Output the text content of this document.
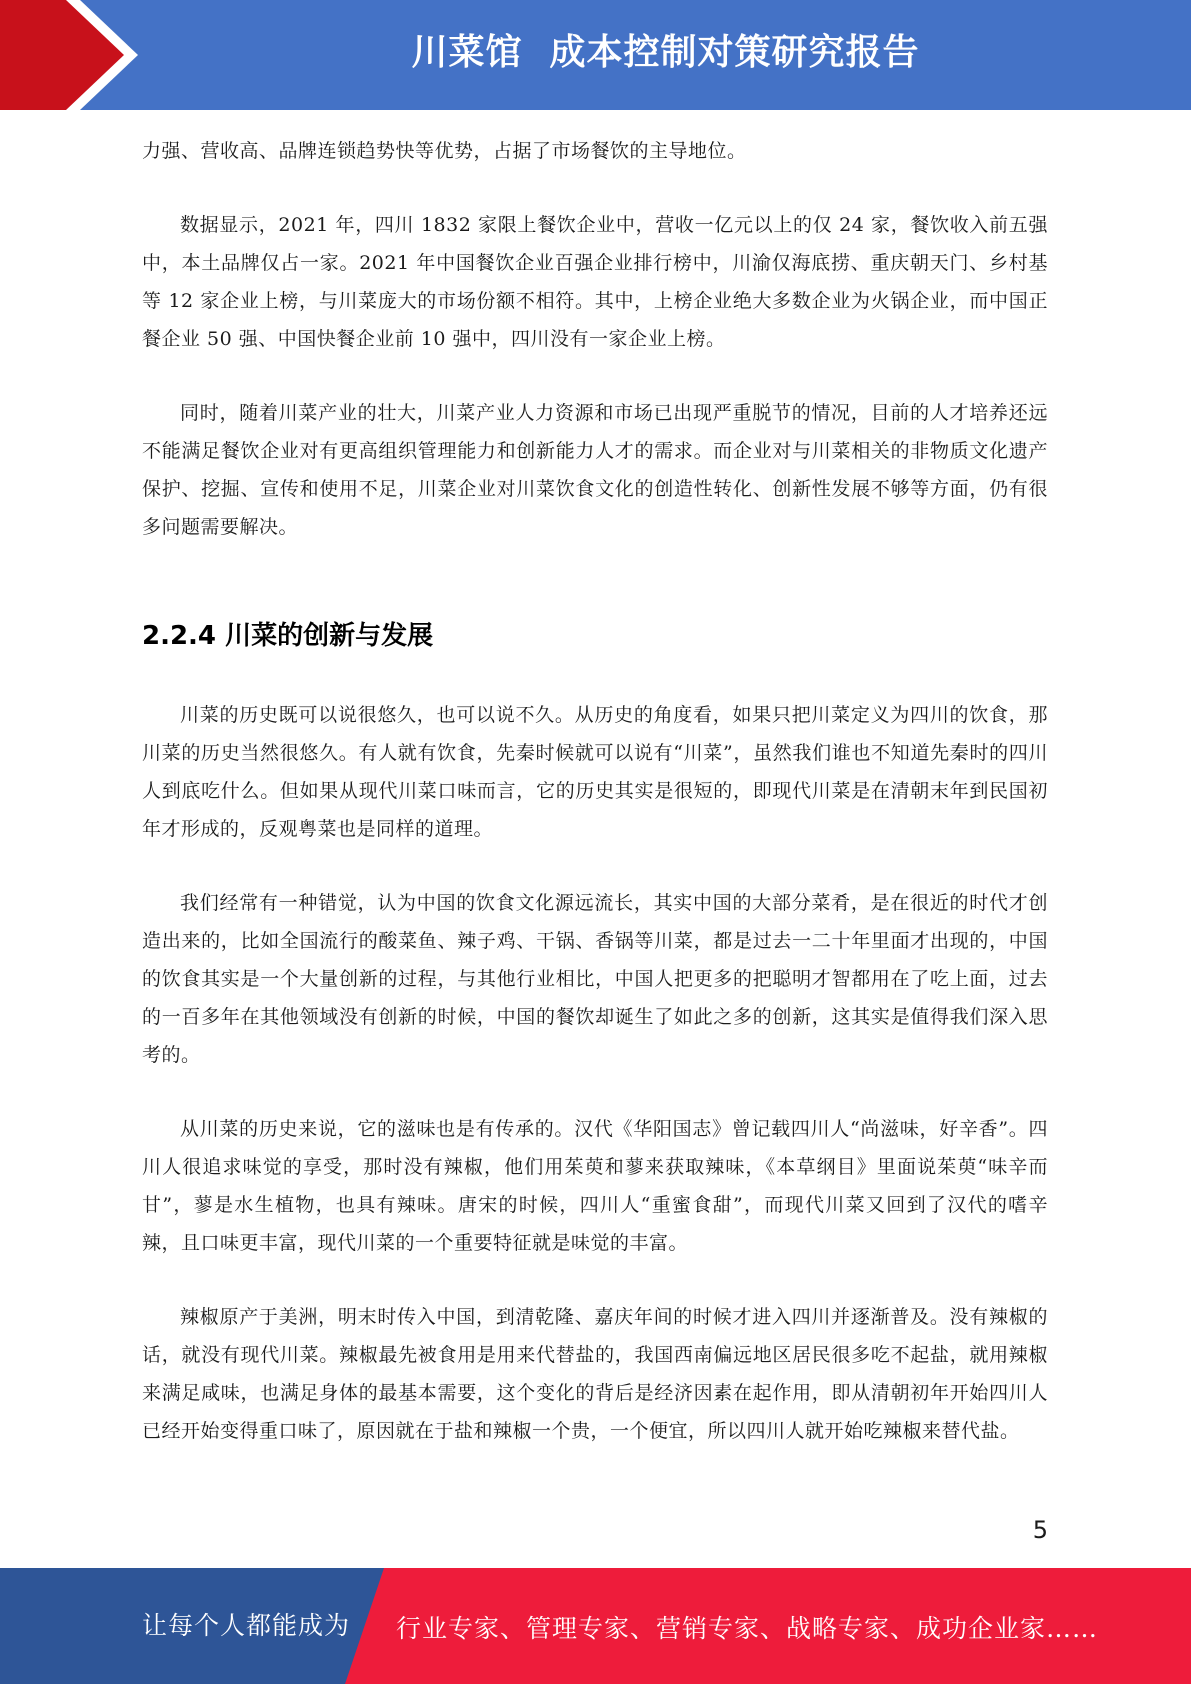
川菜馆  成本控制对策研究报告

力强、营收高、品牌连锁趋势快等优势，占据了市场餐饮的主导地位。

数据显示，2021 年，四川 1832 家限上餐饮企业中，营收一亿元以上的仅 24 家，餐饮收入前五强中，本土品牌仅占一家。2021 年中国餐饮企业百强企业排行榜中，川渝仅海底捞、重庆朝天门、乡村基等 12 家企业上榜，与川菜庞大的市场份额不相符。其中，上榜企业绝大多数企业为火锅企业，而中国正餐企业 50 强、中国快餐企业前 10 强中，四川没有一家企业上榜。

同时，随着川菜产业的壮大，川菜产业人力资源和市场已出现严重脱节的情况，目前的人才培养还远不能满足餐饮企业对有更高组织管理能力和创新能力人才的需求。而企业对与川菜相关的非物质文化遗产保护、挖掘、宣传和使用不足，川菜企业对川菜饮食文化的创造性转化、创新性发展不够等方面，仍有很多问题需要解决。

2.2.4 川菜的创新与发展

川菜的历史既可以说很悠久，也可以说不久。从历史的角度看，如果只把川菜定义为四川的饮食，那川菜的历史当然很悠久。有人就有饮食，先秦时候就可以说有“川菜”，虽然我们谁也不知道先秦时的四川人到底吃什么。但如果从现代川菜口味而言，它的历史其实是很短的，即现代川菜是在清朝末年到民国初年才形成的，反观粤菜也是同样的道理。

我们经常有一种错觉，认为中国的饮食文化源远流长，其实中国的大部分菜肴，是在很近的时代才创造出来的，比如全国流行的酸菜鱼、辣子鸡、干锅、香锅等川菜，都是过去一二十年里面才出现的，中国的饮食其实是一个大量创新的过程，与其他行业相比，中国人把更多的把聪明才智都用在了吃上面，过去的一百多年在其他领域没有创新的时候，中国的餐饮却诞生了如此之多的创新，这其实是值得我们深入思考的。

从川菜的历史来说，它的滋味也是有传承的。汉代《华阳国志》曾记载四川人“尚滋味，好辛香”。四川人很追求味觉的享受，那时没有辣椒，他们用茱萸和蓼来获取辣味，《本草纲目》里面说茱萸“味辛而甘”，蓼是水生植物，也具有辣味。唐宋的时候，四川人“重蜜食甜”，而现代川菜又回到了汉代的嗜辛辣，且口味更丰富，现代川菜的一个重要特征就是味觉的丰富。

辣椒原产于美洲，明末时传入中国，到清乾隆、嘉庆年间的时候才进入四川并逐渐普及。没有辣椒的话，就没有现代川菜。辣椒最先被食用是用来代替盐的，我国西南偏远地区居民很多吃不起盐，就用辣椒来满足咸味，也满足身体的最基本需要，这个变化的背后是经济因素在起作用，即从清朝初年开始四川人已经开始变得重口味了，原因就在于盐和辣椒一个贵，一个便宜，所以四川人就开始吃辣椒来替代盐。

5
让每个人都能成为 行业专家、管理专家、营销专家、战略专家、成功企业家……
